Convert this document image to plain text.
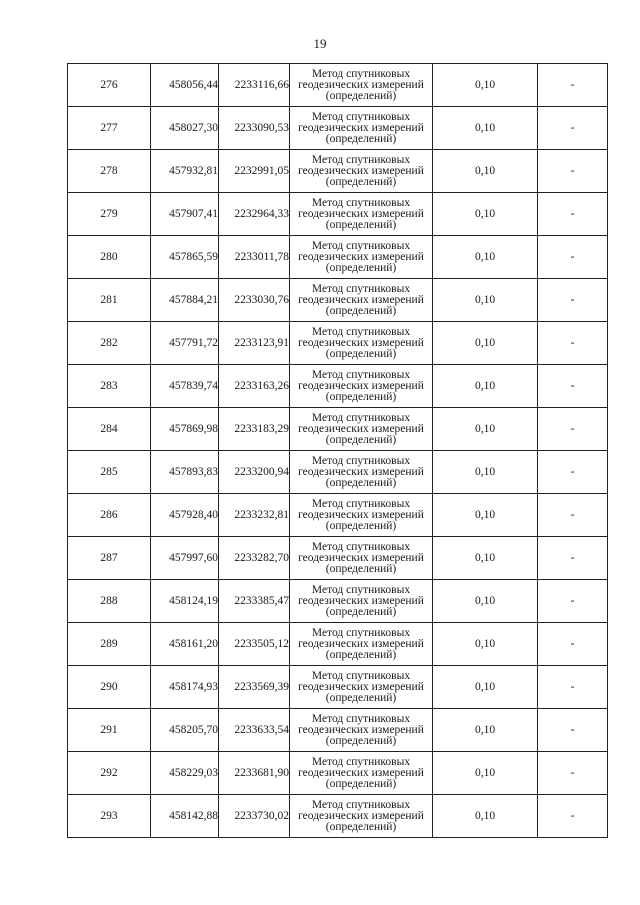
19
276	458056,44	2233116,66	Метод спутниковых геодезических измерений (определений)	0,10	-
277	458027,30	2233090,53	Метод спутниковых геодезических измерений (определений)	0,10	-
278	457932,81	2232991,05	Метод спутниковых геодезических измерений (определений)	0,10	-
279	457907,41	2232964,33	Метод спутниковых геодезических измерений (определений)	0,10	-
280	457865,59	2233011,78	Метод спутниковых геодезических измерений (определений)	0,10	-
281	457884,21	2233030,76	Метод спутниковых геодезических измерений (определений)	0,10	-
282	457791,72	2233123,91	Метод спутниковых геодезических измерений (определений)	0,10	-
283	457839,74	2233163,26	Метод спутниковых геодезических измерений (определений)	0,10	-
284	457869,98	2233183,29	Метод спутниковых геодезических измерений (определений)	0,10	-
285	457893,83	2233200,94	Метод спутниковых геодезических измерений (определений)	0,10	-
286	457928,40	2233232,81	Метод спутниковых геодезических измерений (определений)	0,10	-
287	457997,60	2233282,70	Метод спутниковых геодезических измерений (определений)	0,10	-
288	458124,19	2233385,47	Метод спутниковых геодезических измерений (определений)	0,10	-
289	458161,20	2233505,12	Метод спутниковых геодезических измерений (определений)	0,10	-
290	458174,93	2233569,39	Метод спутниковых геодезических измерений (определений)	0,10	-
291	458205,70	2233633,54	Метод спутниковых геодезических измерений (определений)	0,10	-
292	458229,03	2233681,90	Метод спутниковых геодезических измерений (определений)	0,10	-
293	458142,88	2233730,02	Метод спутниковых геодезических измерений (определений)	0,10	-
